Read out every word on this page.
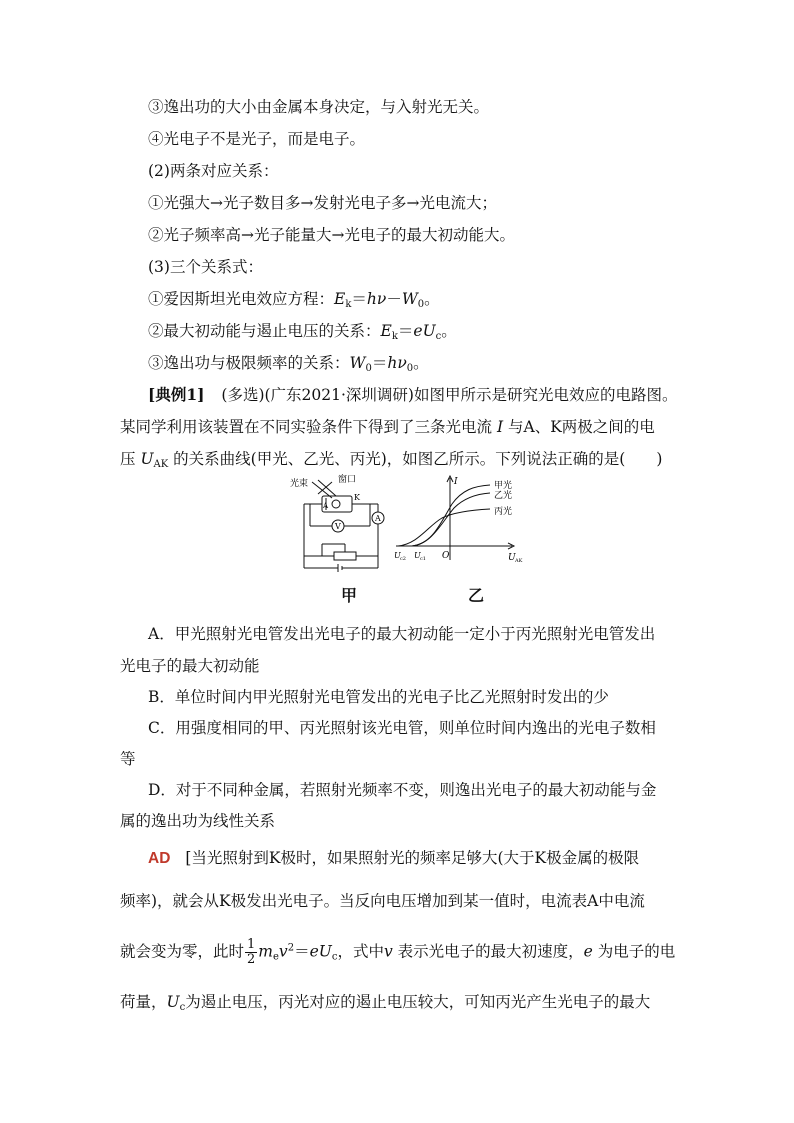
③逸出功的大小由金属本身决定，与入射光无关。
④光电子不是光子，而是电子。
(2)两条对应关系：
①光强大→光子数目多→发射光电子多→光电流大；
②光子频率高→光子能量大→光电子的最大初动能大。
(3)三个关系式：
①爱因斯坦光电效应方程：$E_k=h\nu-W_0$。
②最大初动能与遏止电压的关系：$E_k=eU_c$。
③逸出功与极限频率的关系：$W_0=h\nu_0$。
[典例1] (多选)(广东2021·深圳调研)如图甲所示是研究光电效应的电路图。
某同学利用该装置在不同实验条件下得到了三条光电流 I 与A、K两极之间的电
压 $U_{AK}$ 的关系曲线(甲光、乙光、丙光)，如图乙所示。下列说法正确的是(　　)
光束	窗口
K
A
V
A
I
U AK
O
U c2 U c1
甲光
乙光
丙光
甲	乙
A．甲光照射光电管发出光电子的最大初动能一定小于丙光照射光电管发出
光电子的最大初动能
B．单位时间内甲光照射光电管发出的光电子比乙光照射时发出的少
C．用强度相同的甲、丙光照射该光电管，则单位时间内逸出的光电子数相
等
D．对于不同种金属，若照射光频率不变，则逸出光电子的最大初动能与金
属的逸出功为线性关系
AD [当光照射到K极时，如果照射光的频率足够大(大于K极金属的极限
频率)，就会从K极发出光电子。当反向电压增加到某一值时，电流表A中电流
就会变为零，此时 $\frac{1}{2} m_ev^2=eU_c$，式中v 表示光电子的最大初速度，e 为电子的电
荷量，$U_c$为遏止电压，丙光对应的遏止电压较大，可知丙光产生光电子的最大
